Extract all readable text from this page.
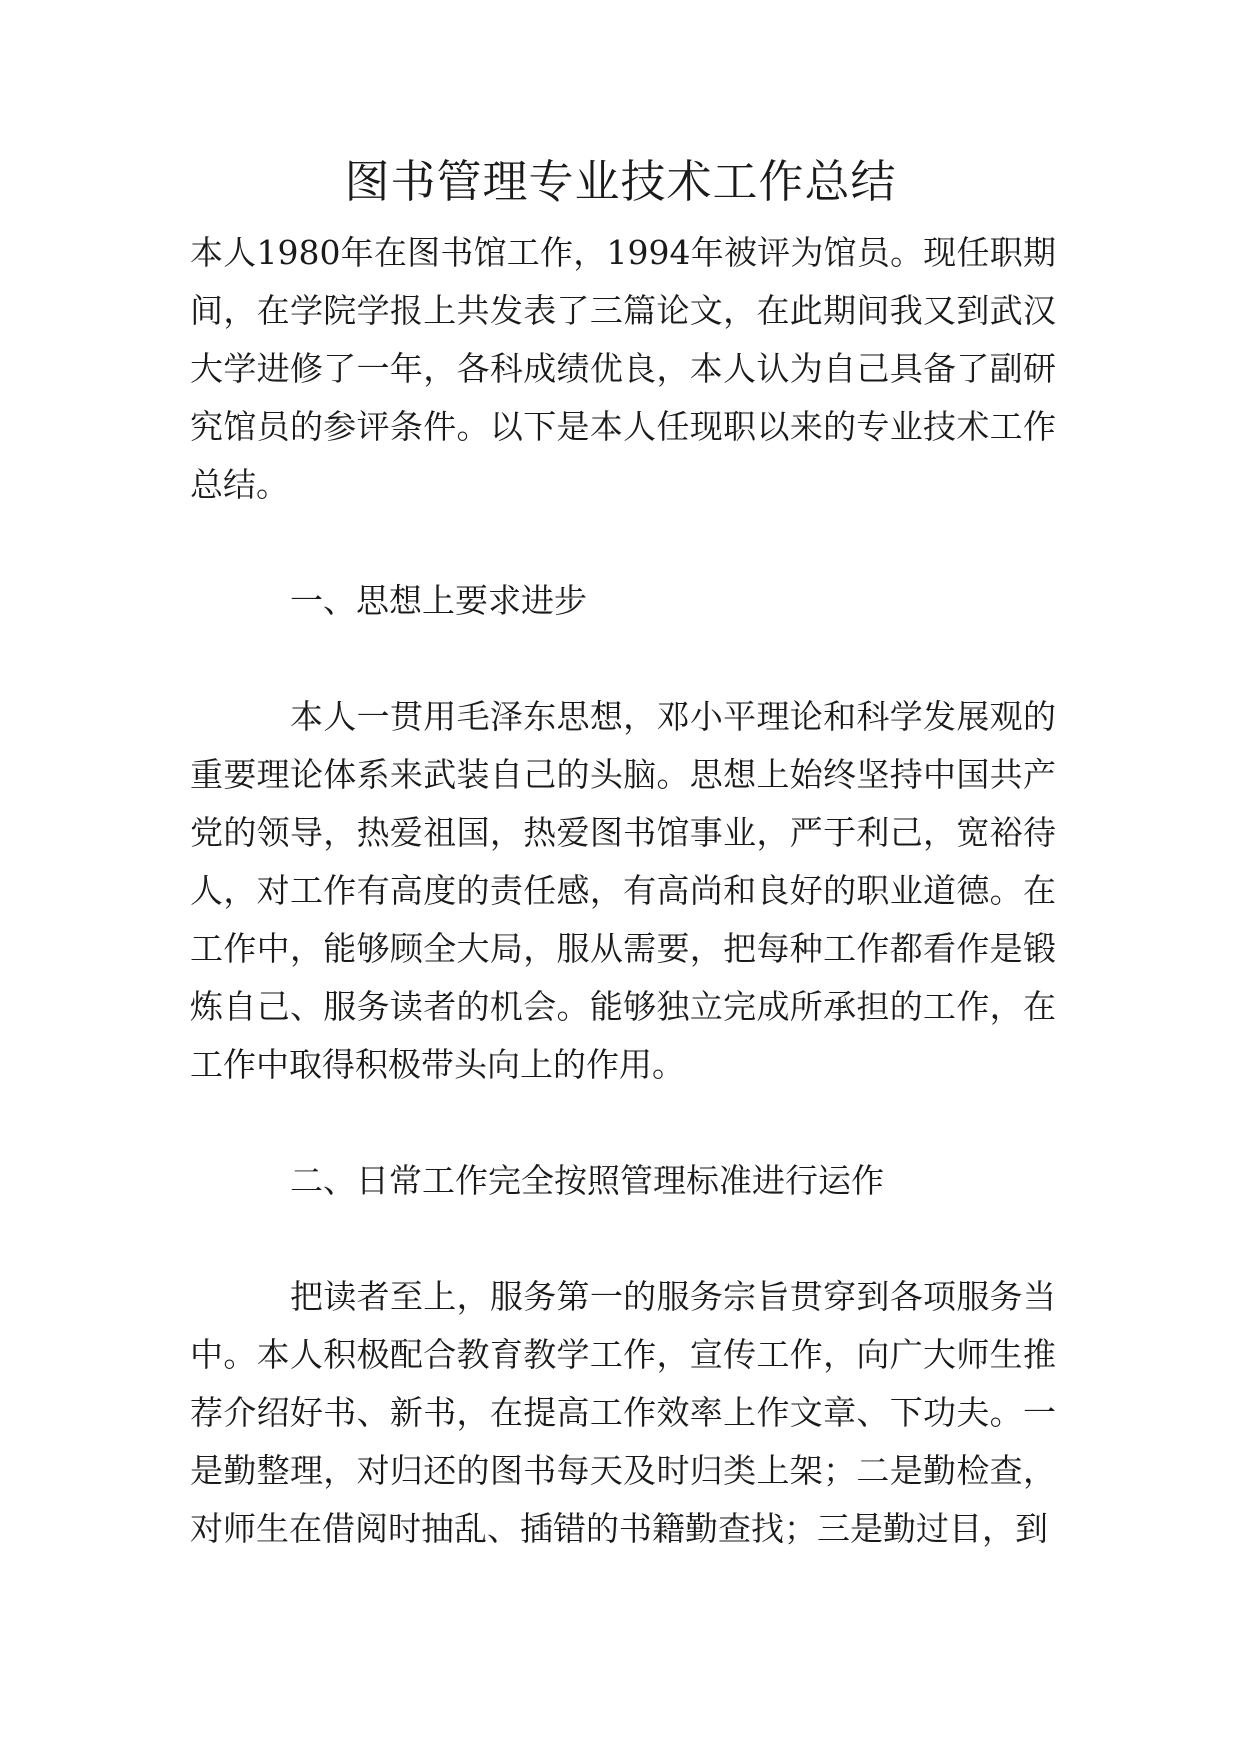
图书管理专业技术工作总结

本人1980年在图书馆工作，1994年被评为馆员。现任职期间，在学院学报上共发表了三篇论文，在此期间我又到武汉大学进修了一年，各科成绩优良，本人认为自己具备了副研究馆员的参评条件。以下是本人任现职以来的专业技术工作总结。

一、思想上要求进步

本人一贯用毛泽东思想，邓小平理论和科学发展观的重要理论体系来武装自己的头脑。思想上始终坚持中国共产党的领导，热爱祖国，热爱图书馆事业，严于利己，宽裕待人，对工作有高度的责任感，有高尚和良好的职业道德。在工作中，能够顾全大局，服从需要，把每种工作都看作是锻炼自己、服务读者的机会。能够独立完成所承担的工作，在工作中取得积极带头向上的作用。

二、日常工作完全按照管理标准进行运作

把读者至上，服务第一的服务宗旨贯穿到各项服务当中。本人积极配合教育教学工作，宣传工作，向广大师生推荐介绍好书、新书，在提高工作效率上作文章、下功夫。一是勤整理，对归还的图书每天及时归类上架；二是勤检查，对师生在借阅时抽乱、插错的书籍勤查找；三是勤过目，到
